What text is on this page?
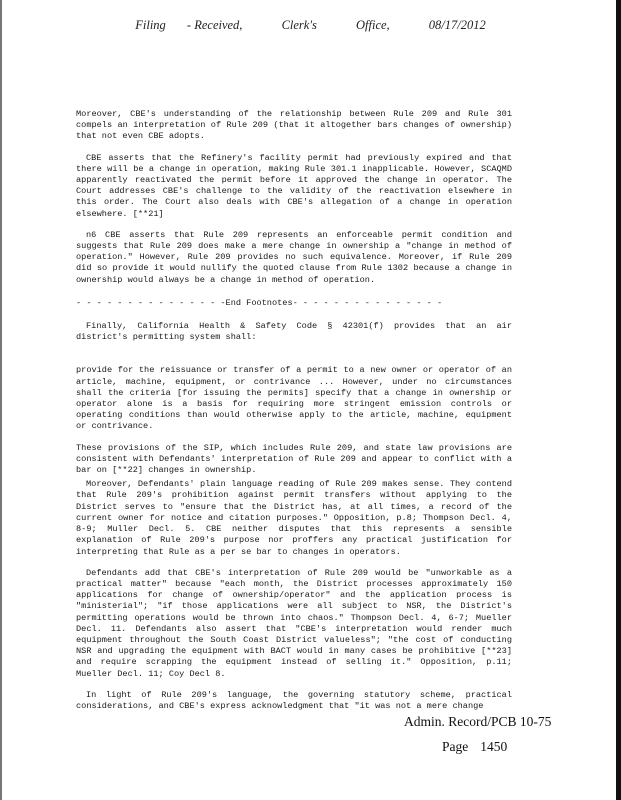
Filing - Received,	Clerk's	Office,	08/17/2012

Moreover, CBE's understanding of the relationship between Rule 209 and Rule 301 compels an interpretation of Rule 209 (that it altogether bars changes of ownership) that not even CBE adopts.

CBE asserts that the Refinery's facility permit had previously expired and that there will be a change in operation, making Rule 301.1 inapplicable. However, SCAQMD apparently reactivated the permit before it approved the change in operator. The Court addresses CBE's challenge to the validity of the reactivation elsewhere in this order. The Court also deals with CBE's allegation of a change in operation elsewhere. [**21]

n6 CBE asserts that Rule 209 represents an enforceable permit condition and suggests that Rule 209 does make a mere change in ownership a "change in method of operation." However, Rule 209 provides no such equivalence. Moreover, if Rule 209 did so provide it would nullify the quoted clause from Rule 1302 because a change in ownership would always be a change in method of operation.

- - - - - - - - - - - - - - -End Footnotes- - - - - - - - - - - - - - -

Finally, California Health & Safety Code § 42301(f) provides that an air district's permitting system shall:

provide for the reissuance or transfer of a permit to a new owner or operator of an article, machine, equipment, or contrivance ... However, under no circumstances shall the criteria [for issuing the permits] specify that a change in ownership or operator alone is a basis for requiring more stringent emission controls or operating conditions than would otherwise apply to the article, machine, equipment or contrivance.

These provisions of the SIP, which includes Rule 209, and state law provisions are consistent with Defendants' interpretation of Rule 209 and appear to conflict with a bar on [**22] changes in ownership.

Moreover, Defendants' plain language reading of Rule 209 makes sense. They contend that Rule 209's prohibition against permit transfers without applying to the District serves to "ensure that the District has, at all times, a record of the current owner for notice and citation purposes." Opposition, p.8; Thompson Decl. 4, 8-9; Muller Decl. 5. CBE neither disputes that this represents a sensible explanation of Rule 209's purpose nor proffers any practical justification for interpreting that Rule as a per se bar to changes in operators.

Defendants add that CBE's interpretation of Rule 209 would be "unworkable as a practical matter" because "each month, the District processes approximately 150 applications for change of ownership/operator" and the application process is "ministerial"; "if those applications were all subject to NSR, the District's permitting operations would be thrown into chaos." Thompson Decl. 4, 6-7; Mueller Decl. 11. Defendants also assert that "CBE's interpretation would render much equipment throughout the South Coast District valueless"; "the cost of conducting NSR and upgrading the equipment with BACT would in many cases be prohibitive [**23] and require scrapping the equipment instead of selling it." Opposition, p.11; Mueller Decl. 11; Coy Decl 8.

In light of Rule 209's language, the governing statutory scheme, practical considerations, and CBE's express acknowledgment that "it was not a mere change

Admin. Record/PCB 10-75
Page 1450
